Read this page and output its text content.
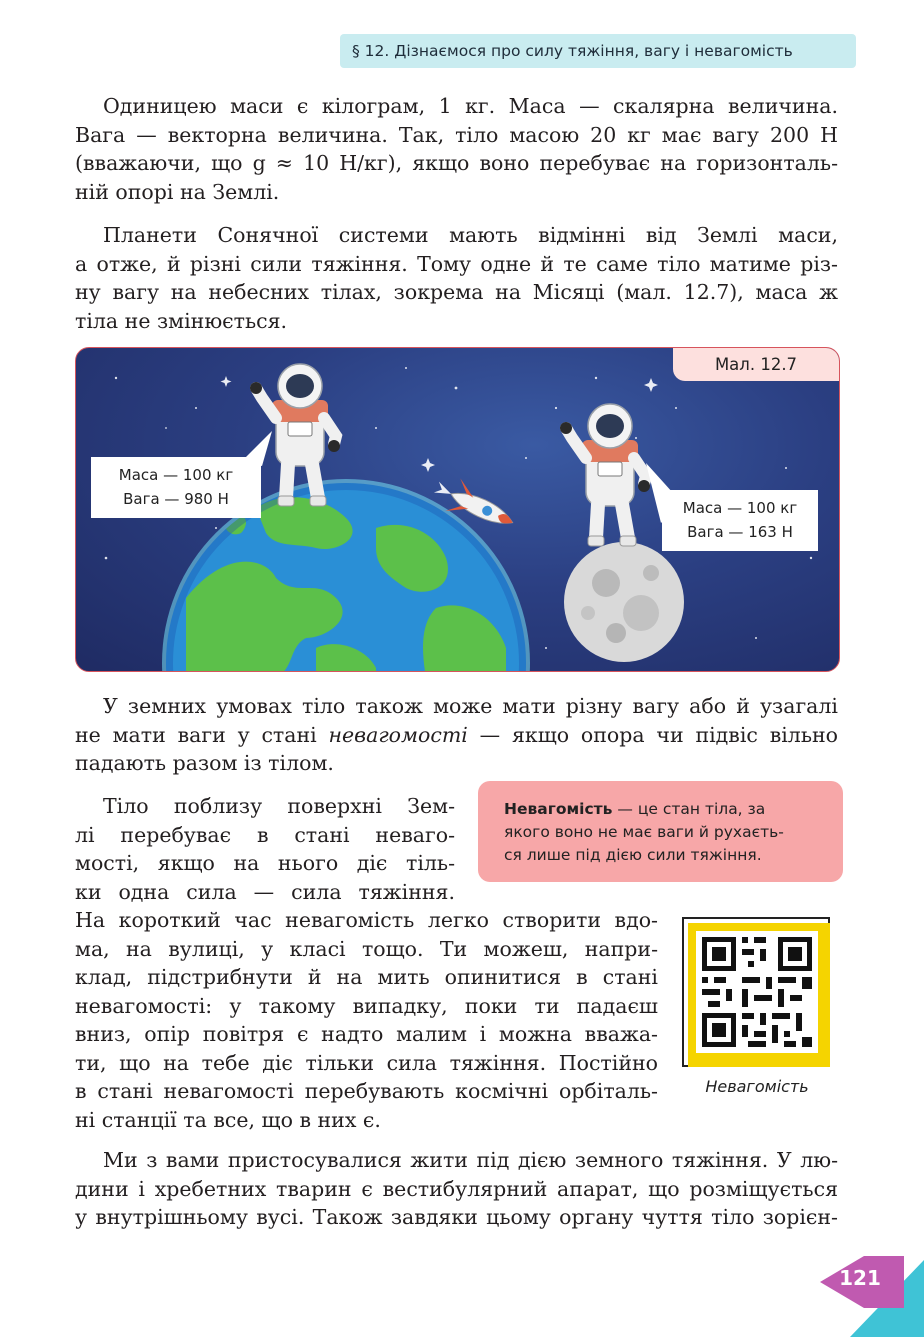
§ 12. Дізнаємося про силу тяжіння, вагу і невагомість

Одиницею маси є кілограм, 1 кг. Маса — скалярна величина.
Вага — векторна величина. Так, тіло масою 20 кг має вагу 200 Н
(вважаючи, що g ≈ 10 Н/кг), якщо воно перебуває на горизонталь-
ній опорі на Землі.

Планети Сонячної системи мають відмінні від Землі маси,
а отже, й різні сили тяжіння. Тому одне й те саме тіло матиме різ-
ну вагу на небесних тілах, зокрема на Місяці (мал. 12.7), маса ж
тіла не змінюється.

Мал. 12.7
Маса — 100 кг
Вага — 980 Н	Маса — 100 кг
Вага — 163 Н

У земних умовах тіло також може мати різну вагу або й узагалі
не мати ваги у стані невагомості — якщо опора чи підвіс вільно
падають разом із тілом.

Тіло поблизу поверхні Зем-
лі перебуває в стані невагo-
мості, якщо на нього діє тіль-
ки одна сила — сила тяжіння.

На короткий час невагомість легко створити вдо-
ма, на вулиці, у класі тощо. Ти можеш, напри-
клад, підстрибнути й на мить опинитися в стані
невагомості: у такому випадку, поки ти падаєш
вниз, опір повітря є надто малим і можна вважа-
ти, що на тебе діє тільки сила тяжіння. Постійно
в стані невагомості перебувають космічні орбіталь-
ні станції та все, що в них є.

Невагомість — це стан тіла, за
якого воно не має ваги й рухаєть-
ся лише під дією сили тяжіння.
Невагомість

Ми з вами пристосувалися жити під дією земного тяжіння. У лю-
дини і хребетних тварин є вестибулярний апарат, що розміщується
у внутрішньому вусі. Також завдяки цьому органу чуття тіло зорієн-

121
